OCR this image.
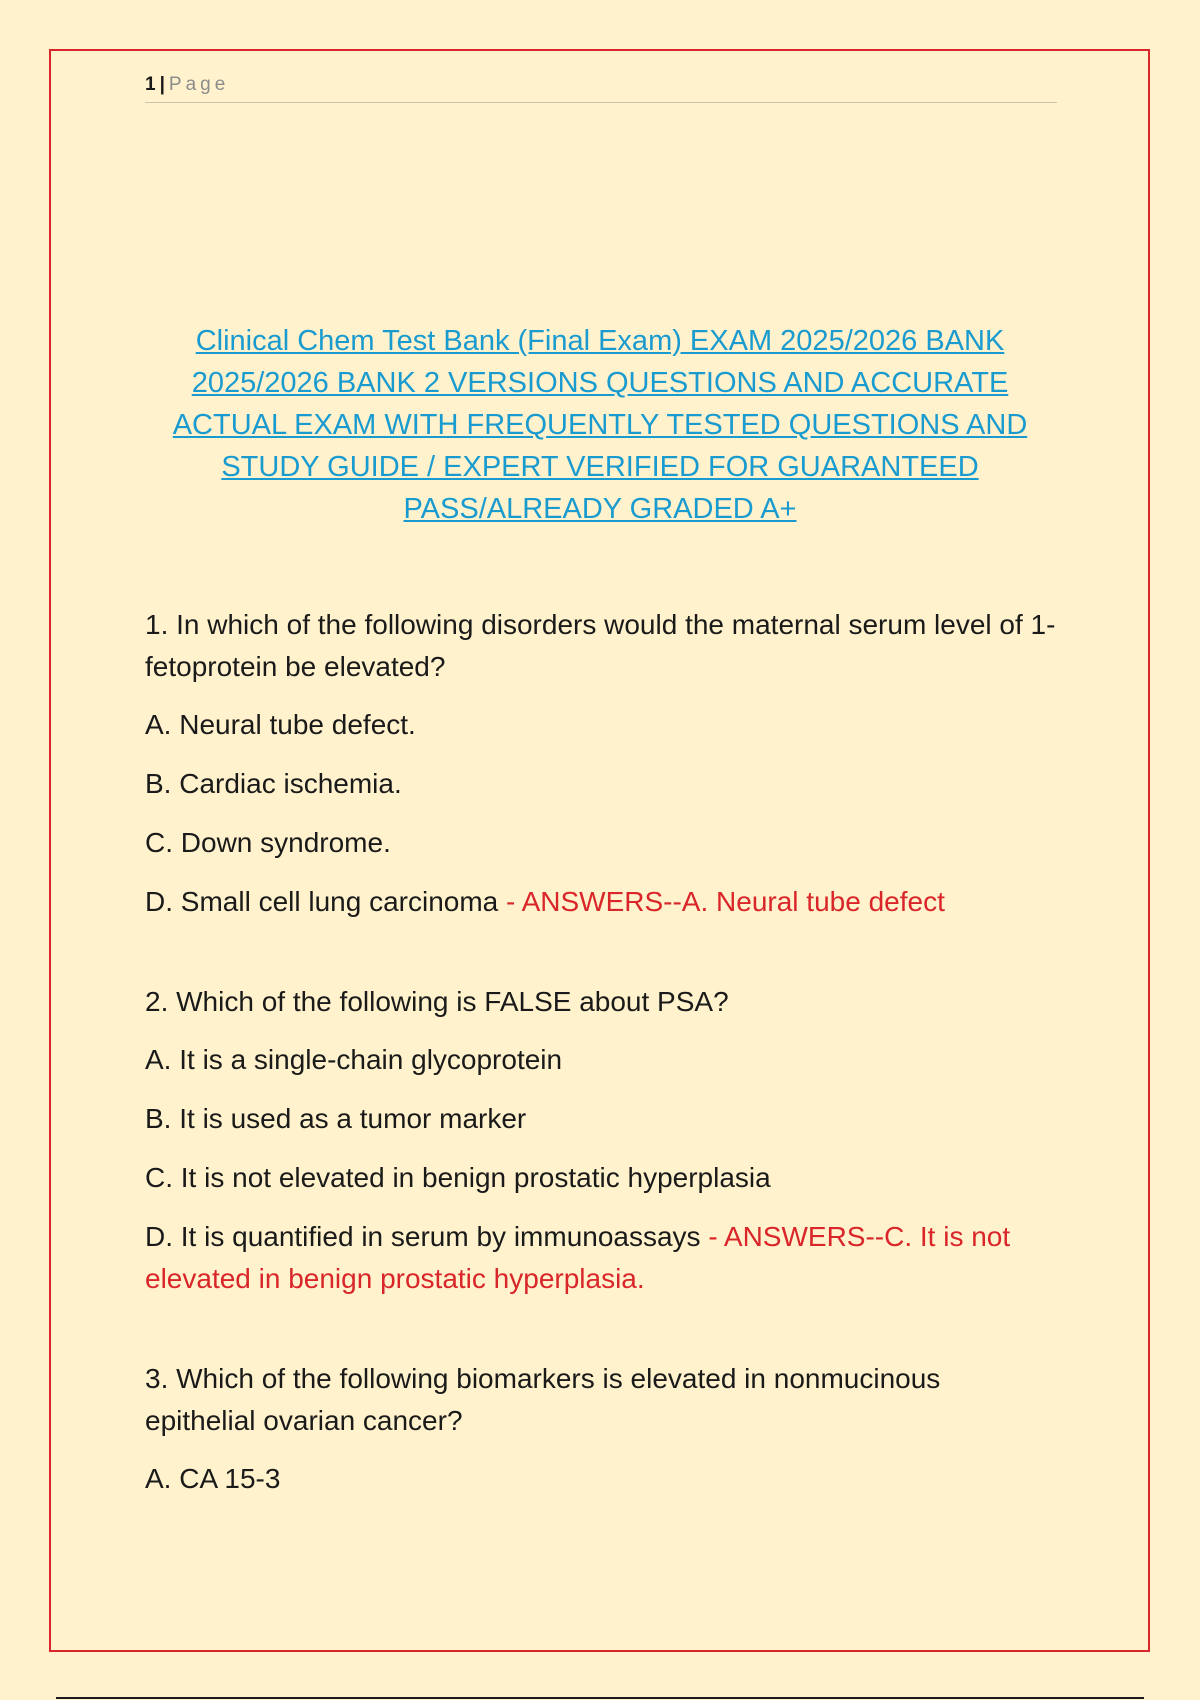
1 | Page
Clinical Chem Test Bank (Final Exam) EXAM 2025/2026 BANK 2025/2026 BANK 2 VERSIONS QUESTIONS AND ACCURATE ACTUAL EXAM WITH FREQUENTLY TESTED QUESTIONS AND STUDY GUIDE / EXPERT VERIFIED FOR GUARANTEED PASS/ALREADY GRADED A+

1. In which of the following disorders would the maternal serum level of 1-fetoprotein be elevated?

A. Neural tube defect.

B. Cardiac ischemia.

C. Down syndrome.

D. Small cell lung carcinoma - ANSWERS--A. Neural tube defect

2. Which of the following is FALSE about PSA?

A. It is a single-chain glycoprotein

B. It is used as a tumor marker

C. It is not elevated in benign prostatic hyperplasia

D. It is quantified in serum by immunoassays - ANSWERS--C. It is not elevated in benign prostatic hyperplasia.

3. Which of the following biomarkers is elevated in nonmucinous epithelial ovarian cancer?

A. CA 15-3
